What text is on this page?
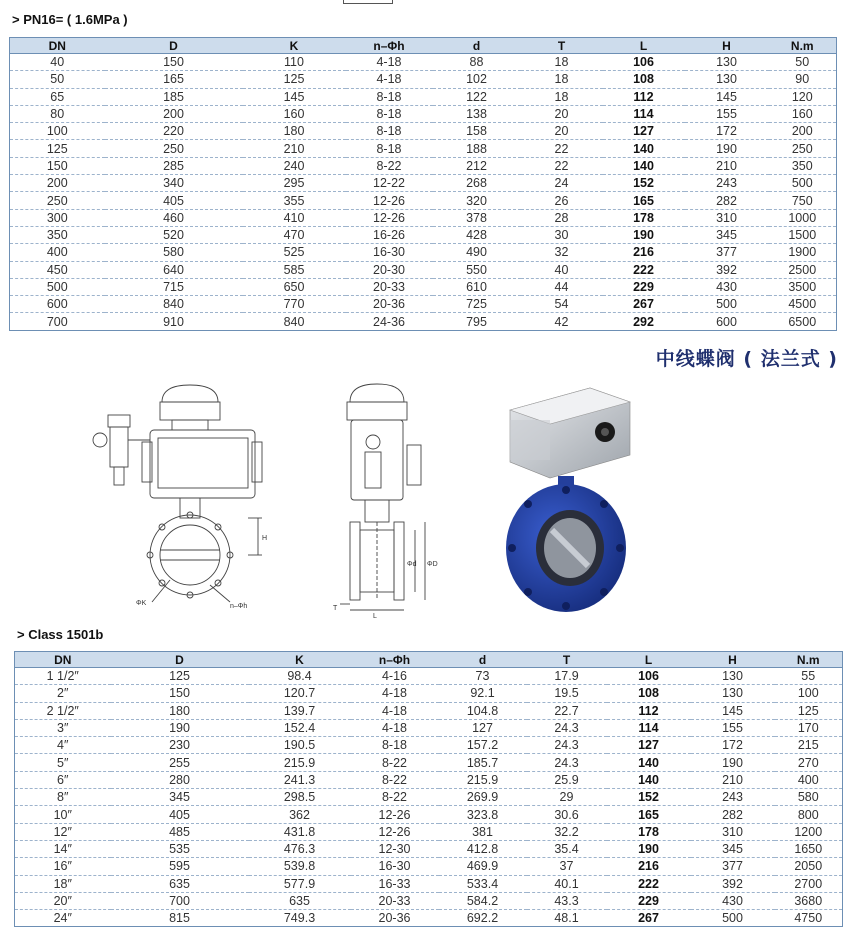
> PN16= ( 1.6MPa )
DN	D	K	n–Φh	d	T	L	H	N.m
40	150	110	4-18	88	18	106	130	50
50	165	125	4-18	102	18	108	130	90
65	185	145	8-18	122	18	112	145	120
80	200	160	8-18	138	20	114	155	160
100	220	180	8-18	158	20	127	172	200
125	250	210	8-18	188	22	140	190	250
150	285	240	8-22	212	22	140	210	350
200	340	295	12-22	268	24	152	243	500
250	405	355	12-26	320	26	165	282	750
300	460	410	12-26	378	28	178	310	1000
350	520	470	16-26	428	30	190	345	1500
400	580	525	16-30	490	32	216	377	1900
450	640	585	20-30	550	40	222	392	2500
500	715	650	20-33	610	44	229	430	3500
600	840	770	20-36	725	54	267	500	4500
700	910	840	24-36	795	42	292	600	6500
中线蝶阀 ( 法兰式 )
ΦK	n–Φh
H
T
L
Φd ΦD
> Class 1501b
DN	D	K	n–Φh	d	T	L	H	N.m
1 1/2″	125	98.4	4-16	73	17.9	106	130	55
2″	150	120.7	4-18	92.1	19.5	108	130	100
2 1/2″	180	139.7	4-18	104.8	22.7	112	145	125
3″	190	152.4	4-18	127	24.3	114	155	170
4″	230	190.5	8-18	157.2	24.3	127	172	215
5″	255	215.9	8-22	185.7	24.3	140	190	270
6″	280	241.3	8-22	215.9	25.9	140	210	400
8″	345	298.5	8-22	269.9	29	152	243	580
10″	405	362	12-26	323.8	30.6	165	282	800
12″	485	431.8	12-26	381	32.2	178	310	1200
14″	535	476.3	12-30	412.8	35.4	190	345	1650
16″	595	539.8	16-30	469.9	37	216	377	2050
18″	635	577.9	16-33	533.4	40.1	222	392	2700
20″	700	635	20-33	584.2	43.3	229	430	3680
24″	815	749.3	20-36	692.2	48.1	267	500	4750
